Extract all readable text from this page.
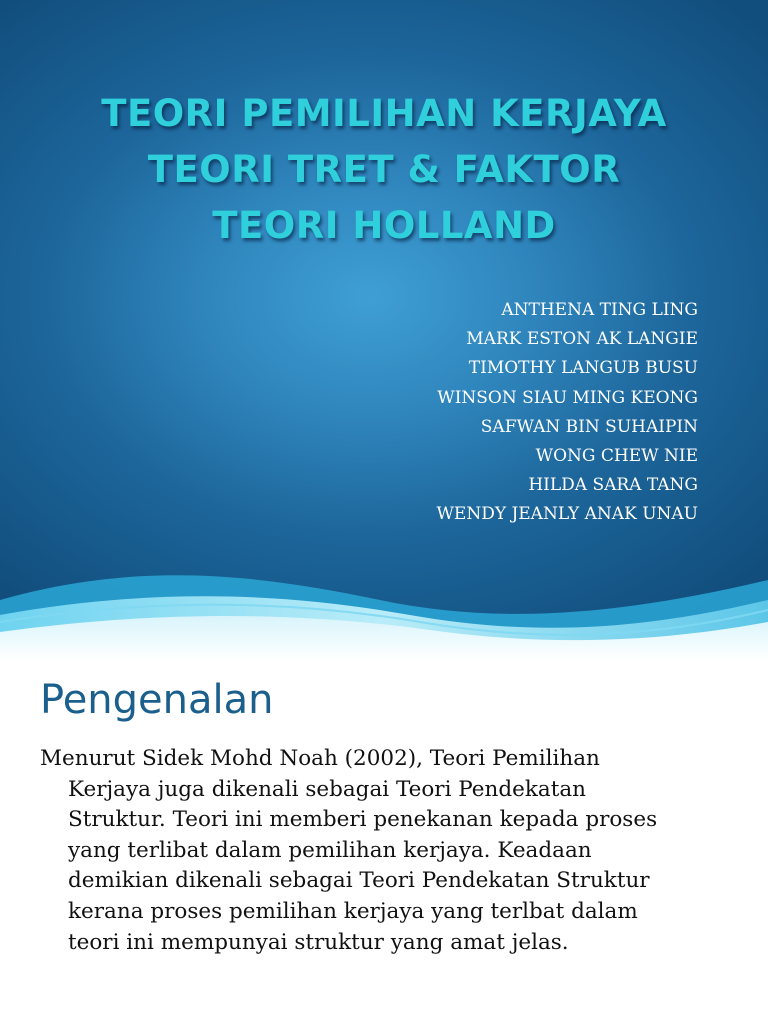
TEORI PEMILIHAN KERJAYA
TEORI TRET & FAKTOR
TEORI HOLLAND
ANTHENA TING LING
MARK ESTON AK LANGIE
TIMOTHY LANGUB BUSU
WINSON SIAU MING KEONG
SAFWAN BIN SUHAIPIN
WONG CHEW NIE
HILDA SARA TANG
WENDY JEANLY ANAK UNAU
Pengenalan

Menurut Sidek Mohd Noah (2002), Teori Pemilihan
Kerjaya juga dikenali sebagai Teori Pendekatan
Struktur. Teori ini memberi penekanan kepada proses
yang terlibat dalam pemilihan kerjaya. Keadaan
demikian dikenali sebagai Teori Pendekatan Struktur
kerana proses pemilihan kerjaya yang terlbat dalam
teori ini mempunyai struktur yang amat jelas.
